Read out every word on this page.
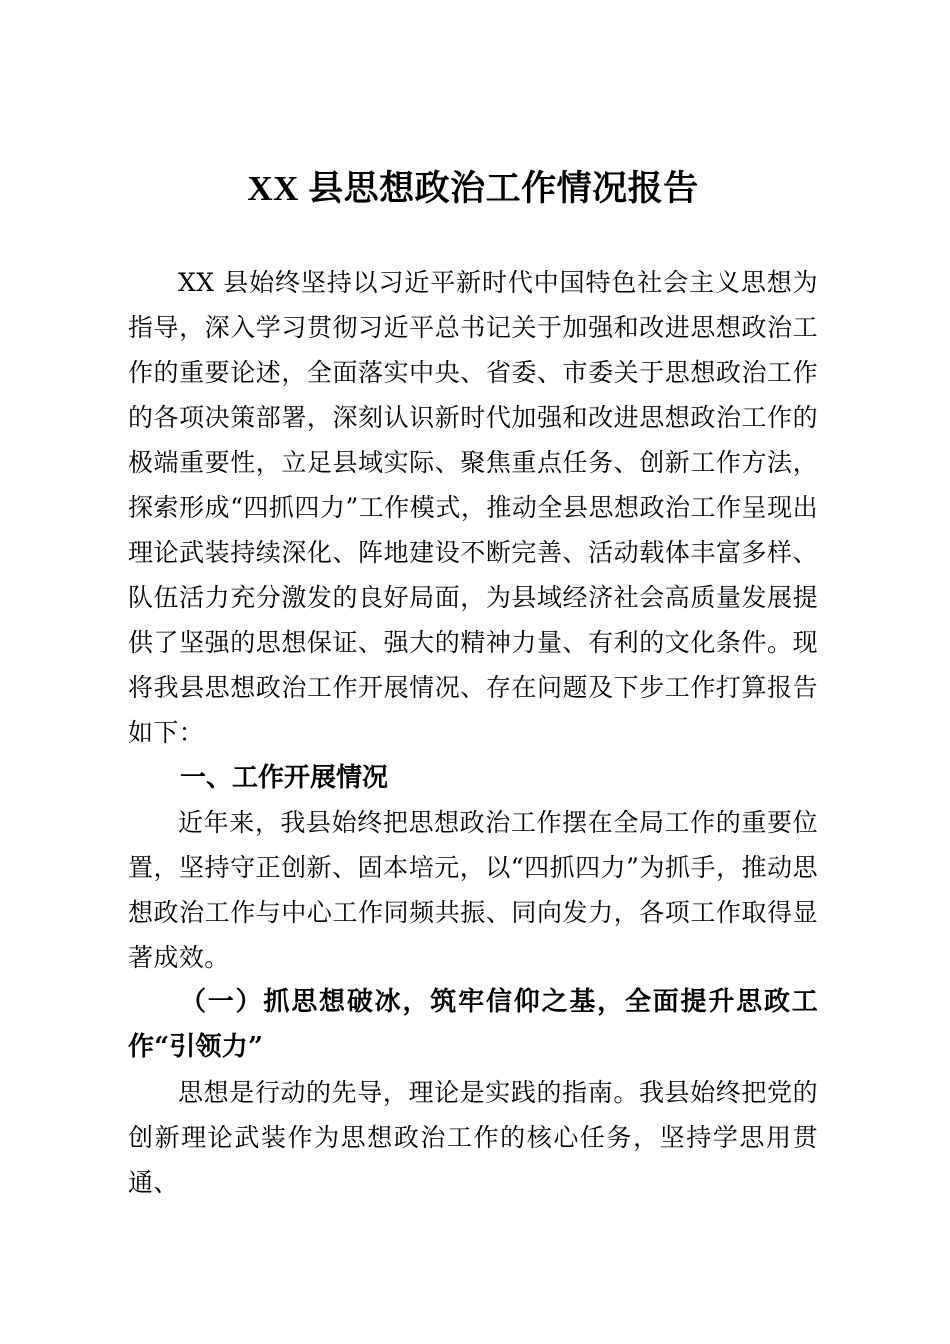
XX 县思想政治工作情况报告

XX 县始终坚持以习近平新时代中国特色社会主义思想为指导，深入学习贯彻习近平总书记关于加强和改进思想政治工作的重要论述，全面落实中央、省委、市委关于思想政治工作的各项决策部署，深刻认识新时代加强和改进思想政治工作的极端重要性，立足县域实际、聚焦重点任务、创新工作方法，探索形成“四抓四力”工作模式，推动全县思想政治工作呈现出理论武装持续深化、阵地建设不断完善、活动载体丰富多样、队伍活力充分激发的良好局面，为县域经济社会高质量发展提供了坚强的思想保证、强大的精神力量、有利的文化条件。现将我县思想政治工作开展情况、存在问题及下步工作打算报告如下：

一、工作开展情况

近年来，我县始终把思想政治工作摆在全局工作的重要位置，坚持守正创新、固本培元，以“四抓四力”为抓手，推动思想政治工作与中心工作同频共振、同向发力，各项工作取得显著成效。

（一）抓思想破冰，筑牢信仰之基，全面提升思政工作“引领力”

思想是行动的先导，理论是实践的指南。我县始终把党的创新理论武装作为思想政治工作的核心任务，坚持学思用贯通、
